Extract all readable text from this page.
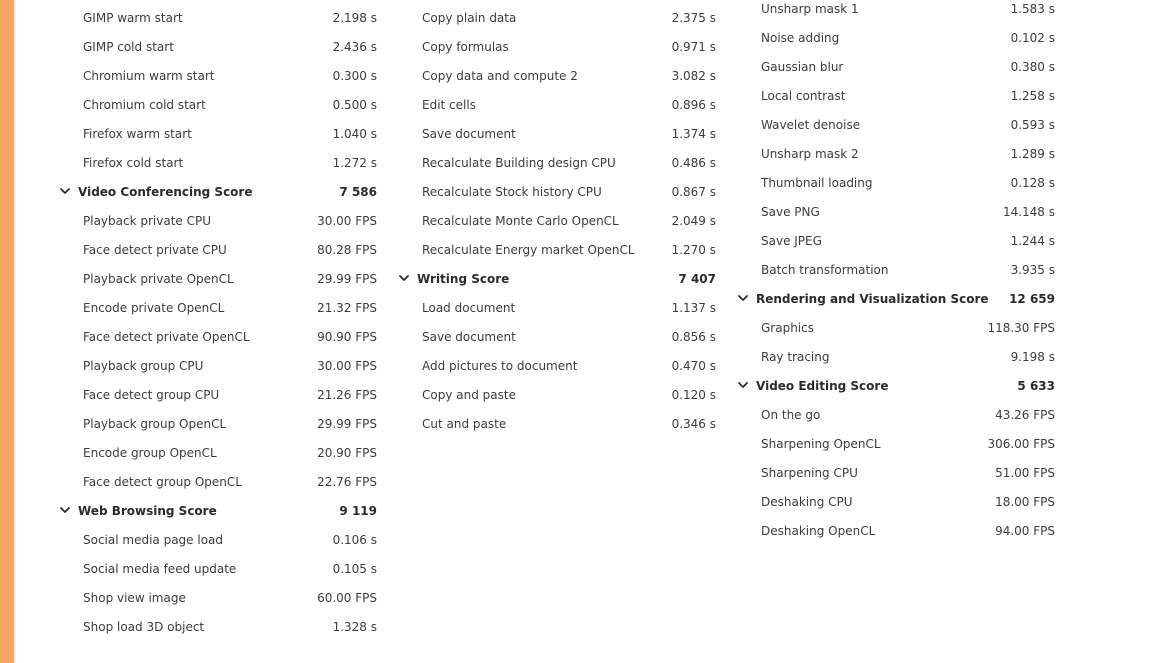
GIMP warm start	2.198 s
GIMP cold start	2.436 s
Chromium warm start	0.300 s
Chromium cold start	0.500 s
Firefox warm start	1.040 s
Firefox cold start	1.272 s
Video Conferencing Score	7 586
Playback private CPU	30.00 FPS
Face detect private CPU	80.28 FPS
Playback private OpenCL	29.99 FPS
Encode private OpenCL	21.32 FPS
Face detect private OpenCL	90.90 FPS
Playback group CPU	30.00 FPS
Face detect group CPU	21.26 FPS
Playback group OpenCL	29.99 FPS
Encode group OpenCL	20.90 FPS
Face detect group OpenCL	22.76 FPS
Web Browsing Score	9 119
Social media page load	0.106 s
Social media feed update	0.105 s
Shop view image	60.00 FPS
Shop load 3D object	1.328 s
Copy plain data	2.375 s
Copy formulas	0.971 s
Copy data and compute 2	3.082 s
Edit cells	0.896 s
Save document	1.374 s
Recalculate Building design CPU	0.486 s
Recalculate Stock history CPU	0.867 s
Recalculate Monte Carlo OpenCL	2.049 s
Recalculate Energy market OpenCL	1.270 s
Writing Score	7 407
Load document	1.137 s
Save document	0.856 s
Add pictures to document	0.470 s
Copy and paste	0.120 s
Cut and paste	0.346 s
Unsharp mask 1	1.583 s
Noise adding	0.102 s
Gaussian blur	0.380 s
Local contrast	1.258 s
Wavelet denoise	0.593 s
Unsharp mask 2	1.289 s
Thumbnail loading	0.128 s
Save PNG	14.148 s
Save JPEG	1.244 s
Batch transformation	3.935 s
Rendering and Visualization Score 12 659
Graphics	118.30 FPS
Ray tracing	9.198 s
Video Editing Score	5 633
On the go	43.26 FPS
Sharpening OpenCL	306.00 FPS
Sharpening CPU	51.00 FPS
Deshaking CPU	18.00 FPS
Deshaking OpenCL	94.00 FPS
